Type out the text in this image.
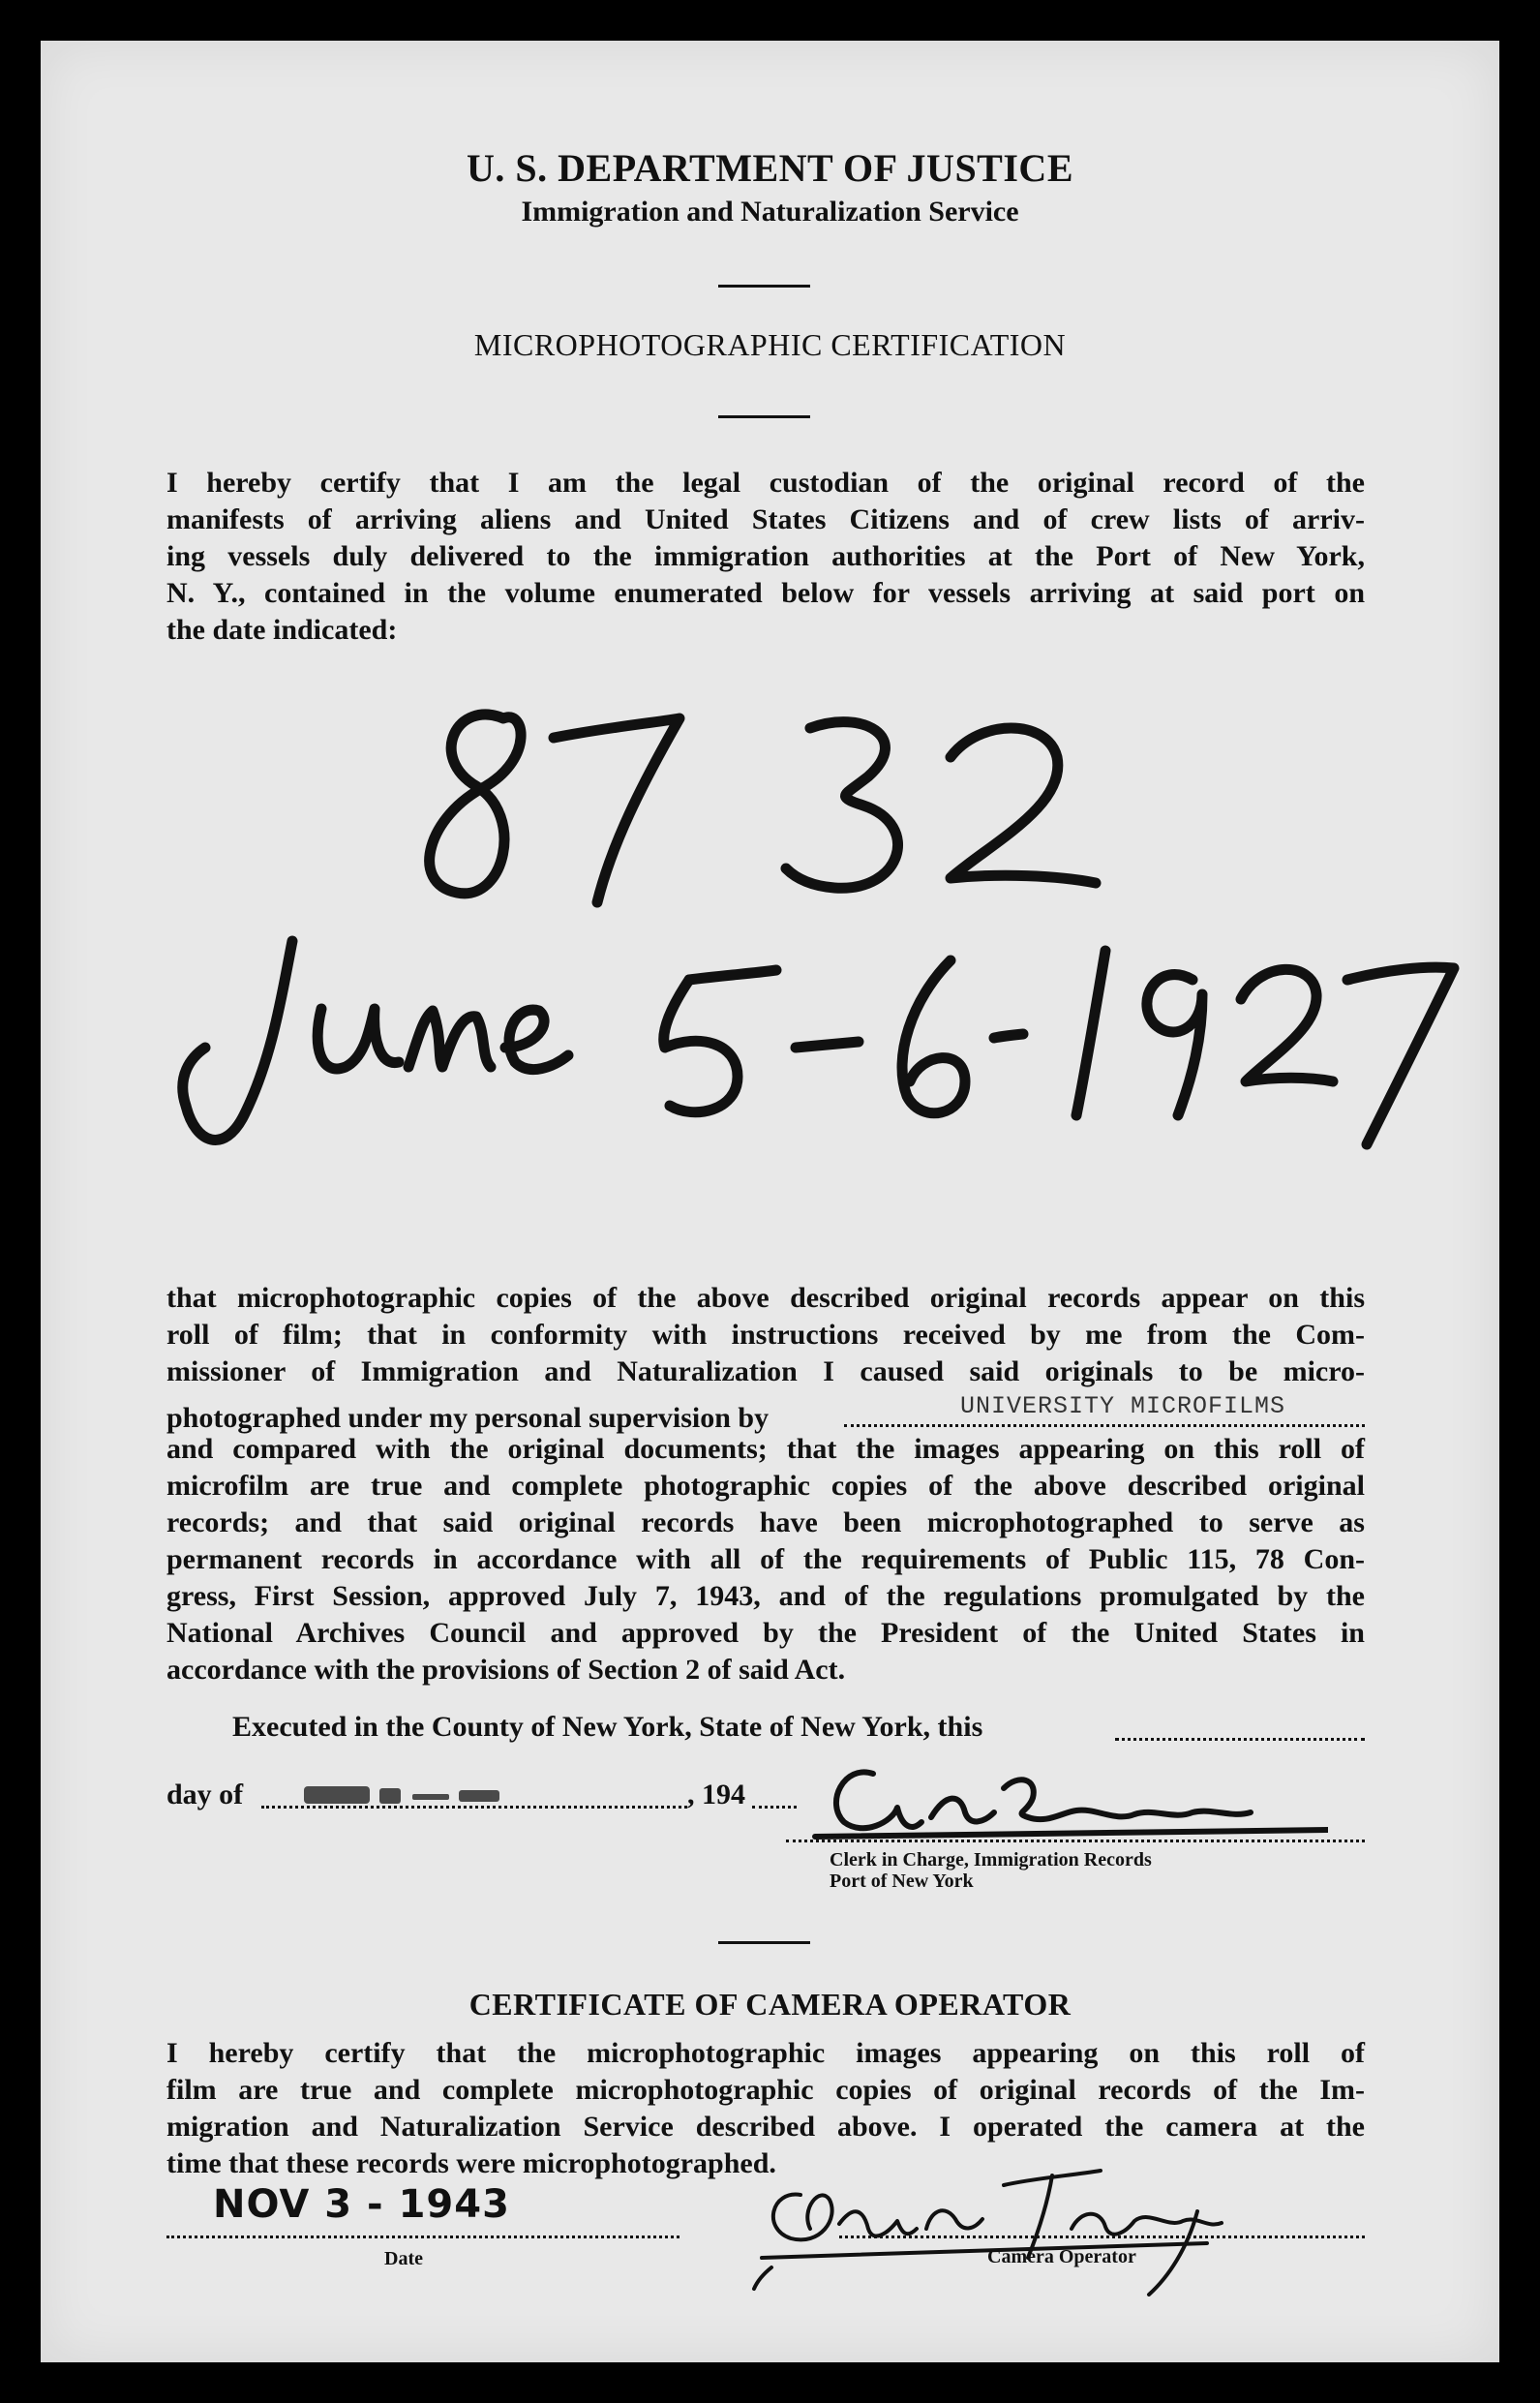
U. S. DEPARTMENT OF JUSTICE
Immigration and Naturalization Service
MICROPHOTOGRAPHIC CERTIFICATION
I hereby certify that I am the legal custodian of the original record of the
manifests of arriving aliens and United States Citizens and of crew lists of arriv-
ing vessels duly delivered to the immigration authorities at the Port of New York,
N. Y., contained in the volume enumerated below for vessels arriving at said port on
the date indicated:
that microphotographic copies of the above described original records appear on this
roll of film; that in conformity with instructions received by me from the Com-
missioner of Immigration and Naturalization I caused said originals to be micro-
photographed under my personal supervision by	UNIVERSITY MICROFILMS
and compared with the original documents; that the images appearing on this roll of
microfilm are true and complete photographic copies of the above described original
records; and that said original records have been microphotographed to serve as
permanent records in accordance with all of the requirements of Public 115, 78 Con-
gress, First Session, approved July 7, 1943, and of the regulations promulgated by the
National Archives Council and approved by the President of the United States in
accordance with the provisions of Section 2 of said Act.
Executed in the County of New York, State of New York, this
day of	, 194
Clerk in Charge, Immigration Records
Port of New York
CERTIFICATE OF CAMERA OPERATOR
I hereby certify that the microphotographic images appearing on this roll of
film are true and complete microphotographic copies of original records of the Im-
migration and Naturalization Service described above. I operated the camera at the
time that these records were microphotographed.
NOV 3 - 1943
Date	Camera Operator
